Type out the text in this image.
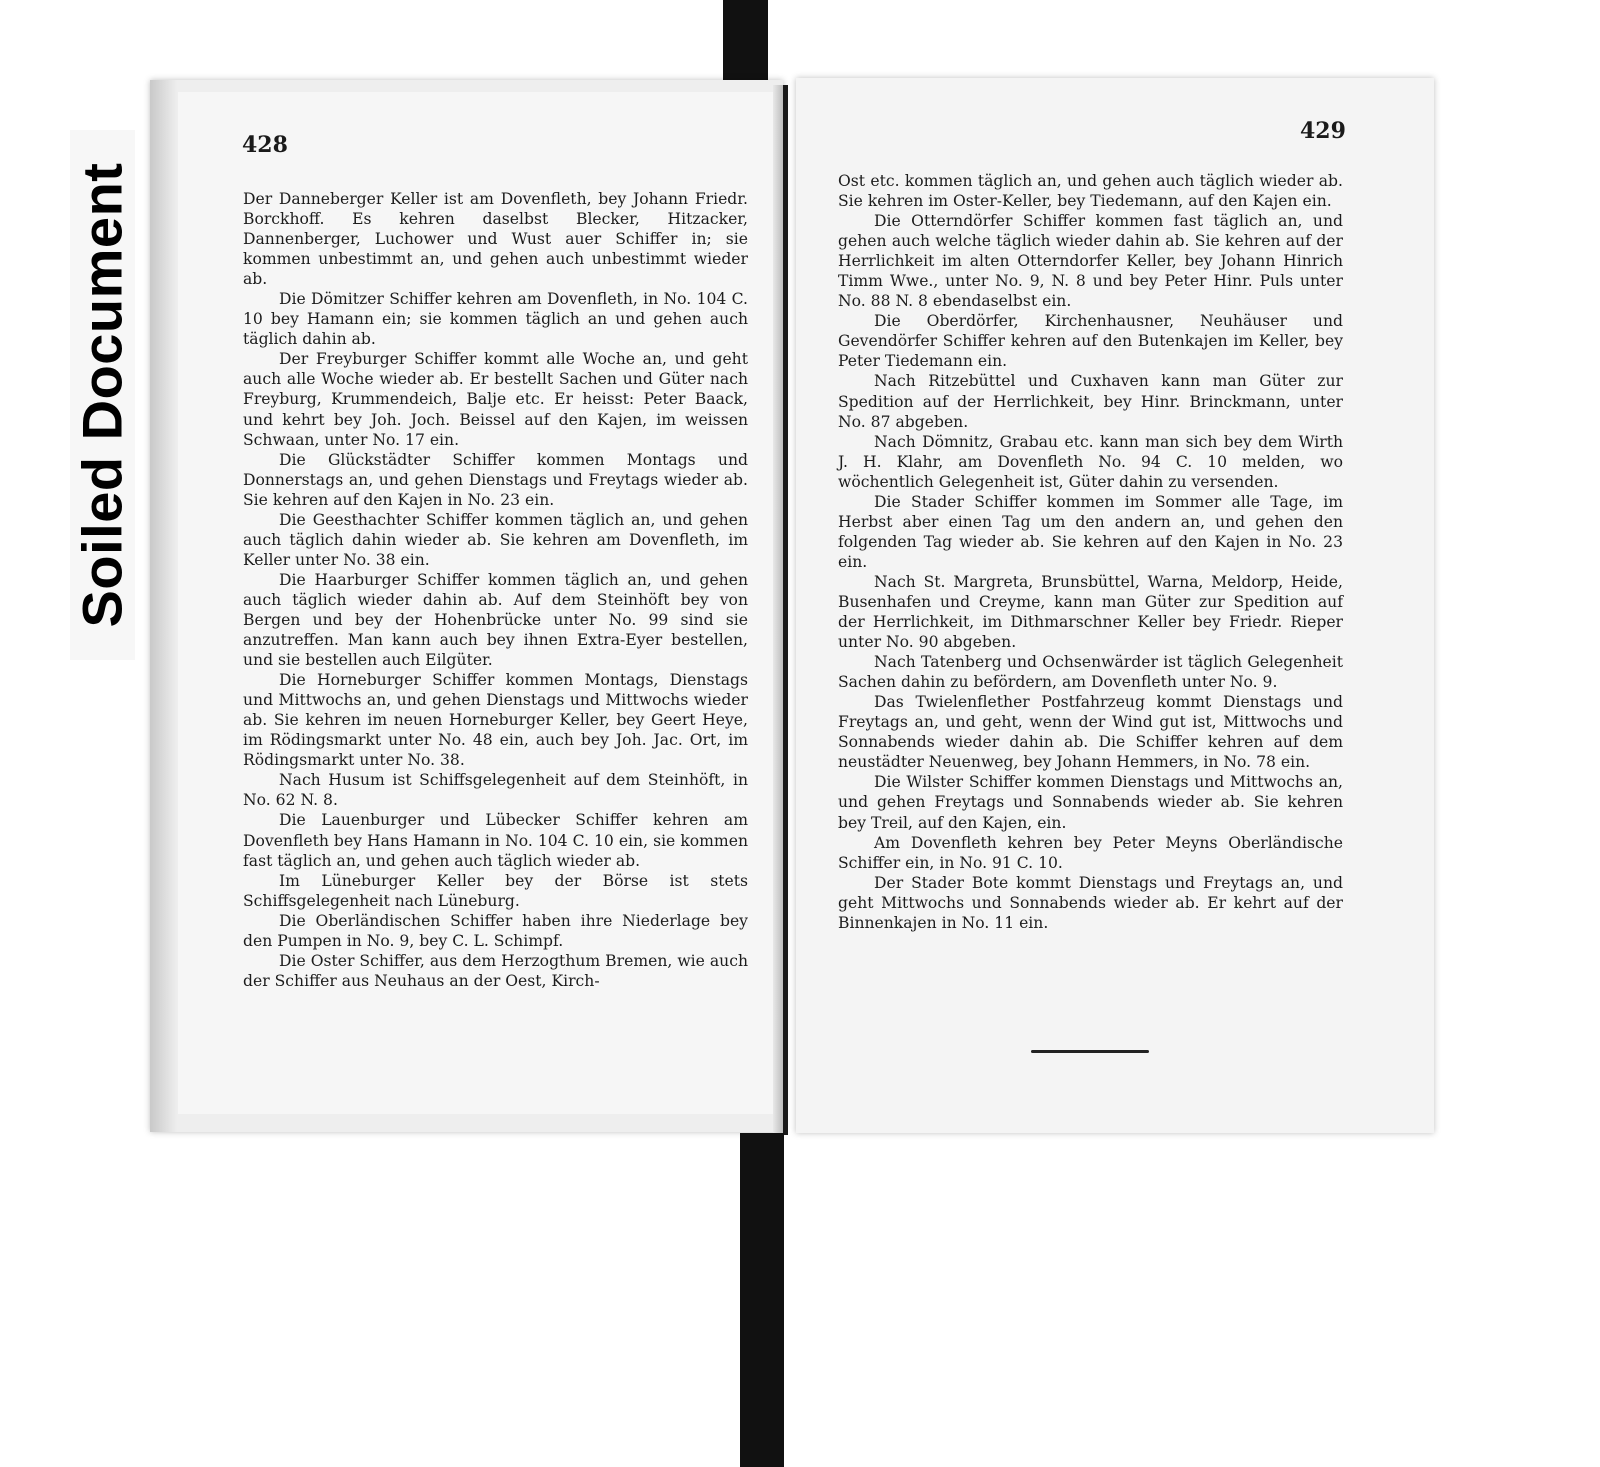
Soiled Document
428
429

Der Danneberger Keller ist am Dovenfleth, bey Johann Friedr. Borckhoff. Es kehren daselbst Blecker, Hitzacker, Dannenberger, Luchower und Wust auer Schiffer in; sie kommen unbestimmt an, und gehen auch unbestimmt wieder ab.

Die Dömitzer Schiffer kehren am Dovenfleth, in No. 104 C. 10 bey Hamann ein; sie kommen täglich an und gehen auch täglich dahin ab.

Der Freyburger Schiffer kommt alle Woche an, und geht auch alle Woche wieder ab. Er bestellt Sachen und Güter nach Freyburg, Krummendeich, Balje etc. Er heisst: Peter Baack, und kehrt bey Joh. Joch. Beissel auf den Kajen, im weissen Schwaan, unter No. 17 ein.

Die Glückstädter Schiffer kommen Montags und Donnerstags an, und gehen Dienstags und Freytags wieder ab. Sie kehren auf den Kajen in No. 23 ein.

Die Geesthachter Schiffer kommen täglich an, und gehen auch täglich dahin wieder ab. Sie kehren am Dovenfleth, im Keller unter No. 38 ein.

Die Haarburger Schiffer kommen täglich an, und gehen auch täglich wieder dahin ab. Auf dem Steinhöft bey von Bergen und bey der Hohenbrücke unter No. 99 sind sie anzutreffen. Man kann auch bey ihnen Extra-Eyer bestellen, und sie bestellen auch Eilgüter.

Die Horneburger Schiffer kommen Montags, Dienstags und Mittwochs an, und gehen Dienstags und Mittwochs wieder ab. Sie kehren im neuen Horneburger Keller, bey Geert Heye, im Rödingsmarkt unter No. 48 ein, auch bey Joh. Jac. Ort, im Rödingsmarkt unter No. 38.

Nach Husum ist Schiffsgelegenheit auf dem Steinhöft, in No. 62 N. 8.

Die Lauenburger und Lübecker Schiffer kehren am Dovenfleth bey Hans Hamann in No. 104 C. 10 ein, sie kommen fast täglich an, und gehen auch täglich wieder ab.

Im Lüneburger Keller bey der Börse ist stets Schiffsgelegenheit nach Lüneburg.

Die Oberländischen Schiffer haben ihre Niederlage bey den Pumpen in No. 9, bey C. L. Schimpf.

Die Oster Schiffer, aus dem Herzogthum Bremen, wie auch der Schiffer aus Neuhaus an der Oest, Kirch-

Ost etc. kommen täglich an, und gehen auch täglich wieder ab. Sie kehren im Oster-Keller, bey Tiedemann, auf den Kajen ein.

Die Otterndörfer Schiffer kommen fast täglich an, und gehen auch welche täglich wieder dahin ab. Sie kehren auf der Herrlichkeit im alten Otterndorfer Keller, bey Johann Hinrich Timm Wwe., unter No. 9, N. 8 und bey Peter Hinr. Puls unter No. 88 N. 8 ebendaselbst ein.

Die Oberdörfer, Kirchenhausner, Neuhäuser und Gevendörfer Schiffer kehren auf den Butenkajen im Keller, bey Peter Tiedemann ein.

Nach Ritzebüttel und Cuxhaven kann man Güter zur Spedition auf der Herrlichkeit, bey Hinr. Brinckmann, unter No. 87 abgeben.

Nach Dömnitz, Grabau etc. kann man sich bey dem Wirth J. H. Klahr, am Dovenfleth No. 94 C. 10 melden, wo wöchentlich Gelegenheit ist, Güter dahin zu versenden.

Die Stader Schiffer kommen im Sommer alle Tage, im Herbst aber einen Tag um den andern an, und gehen den folgenden Tag wieder ab. Sie kehren auf den Kajen in No. 23 ein.

Nach St. Margreta, Brunsbüttel, Warna, Meldorp, Heide, Busenhafen und Creyme, kann man Güter zur Spedition auf der Herrlichkeit, im Dithmarschner Keller bey Friedr. Rieper unter No. 90 abgeben.

Nach Tatenberg und Ochsenwärder ist täglich Gelegenheit Sachen dahin zu befördern, am Dovenfleth unter No. 9.

Das Twielenflether Postfahrzeug kommt Dienstags und Freytags an, und geht, wenn der Wind gut ist, Mittwochs und Sonnabends wieder dahin ab. Die Schiffer kehren auf dem neustädter Neuenweg, bey Johann Hemmers, in No. 78 ein.

Die Wilster Schiffer kommen Dienstags und Mittwochs an, und gehen Freytags und Sonnabends wieder ab. Sie kehren bey Treil, auf den Kajen, ein.

Am Dovenfleth kehren bey Peter Meyns Oberländische Schiffer ein, in No. 91 C. 10.

Der Stader Bote kommt Dienstags und Freytags an, und geht Mittwochs und Sonnabends wieder ab. Er kehrt auf der Binnenkajen in No. 11 ein.
